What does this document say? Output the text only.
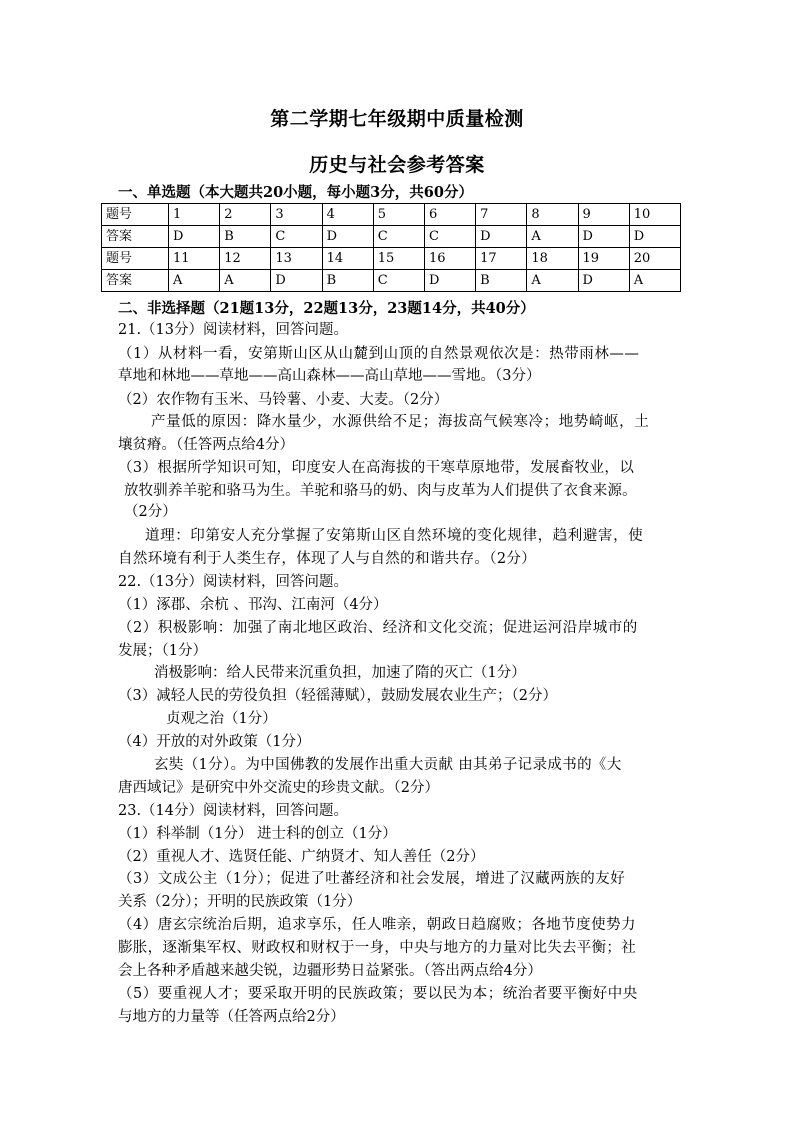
第二学期七年级期中质量检测
历史与社会参考答案
一、单选题（本大题共20小题，每小题3分，共60分）
题号	1	2	3	4	5	6	7	8	9	10
答案	D	B	C	D	C	C	D	A	D	D
题号	11	12	13	14	15	16	17	18	19	20
答案	A	A	D	B	C	D	B	A	D	A
二、非选择题（21题13分，22题13分，23题14分，共40分）
21.（13分）阅读材料，回答问题。
（1）从材料一看，安第斯山区从山麓到山顶的自然景观依次是：热带雨林——
草地和林地——草地——高山森林——高山草地——雪地。（3分）
（2）农作物有玉米、马铃薯、小麦、大麦。（2分）
产量低的原因：降水量少，水源供给不足；海拔高气候寒冷；地势崎岖，土
壤贫瘠。（任答两点给4分）
（3）根据所学知识可知，印度安人在高海拔的干寒草原地带，发展畜牧业，以
放牧驯养羊驼和骆马为生。羊驼和骆马的奶、肉与皮革为人们提供了衣食来源。
（2分）
道理：印第安人充分掌握了安第斯山区自然环境的变化规律，趋利避害，使
自然环境有利于人类生存，体现了人与自然的和谐共存。（2分）
22.（13分）阅读材料，回答问题。
（1）涿郡、余杭 、邗沟、江南河（4分）
（2）积极影响：加强了南北地区政治、经济和文化交流；促进运河沿岸城市的
发展；（1分）
消极影响：给人民带来沉重负担，加速了隋的灭亡（1分）
（3）减轻人民的劳役负担（轻徭薄赋），鼓励发展农业生产；（2分）
贞观之治（1分）
（4）开放的对外政策（1分）
玄奘（1分）。为中国佛教的发展作出重大贡献 由其弟子记录成书的《大
唐西域记》是研究中外交流史的珍贵文献。（2分）
23.（14分）阅读材料，回答问题。
（1）科举制（1分） 进士科的创立（1分）
（2）重视人才、选贤任能、广纳贤才、知人善任（2分）
（3）文成公主（1分）；促进了吐蕃经济和社会发展，增进了汉藏两族的友好
关系（2分）；开明的民族政策（1分）
（4）唐玄宗统治后期，追求享乐，任人唯亲，朝政日趋腐败；各地节度使势力
膨胀，逐渐集军权、财政权和财权于一身，中央与地方的力量对比失去平衡；社
会上各种矛盾越来越尖锐，边疆形势日益紧张。（答出两点给4分）
（5）要重视人才；要采取开明的民族政策；要以民为本；统治者要平衡好中央
与地方的力量等（任答两点给2分）
